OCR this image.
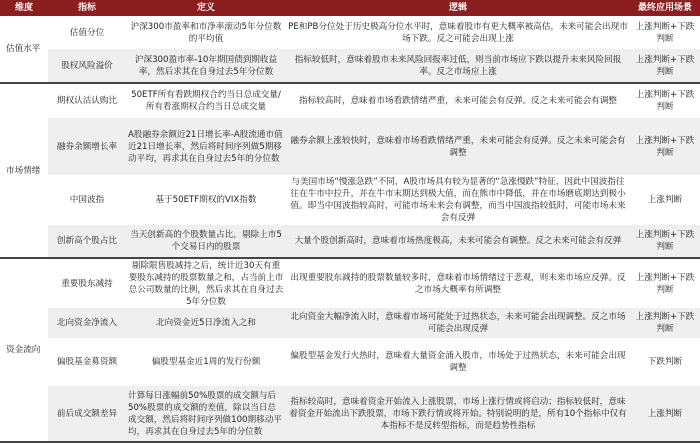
维度	指标	定义	逻辑	最终应用场景
估值水平	估值分位	沪深300市盈率和市净率滚动5年分位数的平均值	PE和PB分位处于历史极高分位水平时，意味着股市有更大概率被高估，未来可能会出现市场下跌。反之可能会出现上涨	上涨判断+下跌判断
	股权风险溢价	沪深300盈市率-10年期国债到期收益率，然后求其在自身过去5年分位数	指标较低时，意味着股市未来风险回报率过低，则当前市场应下跌以提升未来风险回报率。反之市场应上涨	上涨判断+下跌判断
市场情绪	期权认沽认购比	50ETF所有看跌期权合约当日总成交量/所有看涨期权合约当日总成交量	指标较高时，意味着市场看跌情绪严重，未来可能会有反弹。反之未来可能会有调整	上涨判断+下跌判断
	融券余额增长率	A股融券余额近21日增长率-A股流通市值近21日增长率，然后将时间序列做5期移动平均，再求其在自身过去5年的分位数	融券余额上涨较快时，意味着市场看跌情绪严重，未来可能会有反弹。反之未来可能会有调整	上涨判断+下跌判断
	中国波指	基于50ETF期权的VIX指数	与美国市场“慢涨急跌”不同，A股市场具有较为显著的“急涨慢跌”特征，因此中国波指往往在牛市中拉升，并在牛市末期达到极大值，而在熊市中降低，并在市场磨底期达到极小值。即当中国波指较高时，可能市场未来会有调整，而当中国波指较低时，可能市场未来会有反弹	上涨判断
	创新高个股占比	当天创新高的个股数量占比，剔除上市5个交易日内的股票	大量个股创新高时，意味着市场热度极高，未来可能会有调整。反之未来可能会有反弹	上涨判断+下跌判断
资金流向	重要股东减持	剔除限售股减持之后，统计近30天有重要股东减持的股票数量之和，占当前上市总公司数量的比例，然后求其在自身过去5年分位数	出现重要股东减持的股票数量较多时，意味着市场情绪过于悲观，则未来市场应反弹。反之市场大概率有所调整	上涨判断+下跌判断
	北向资金净流入	北向资金近5日净流入之和	北向资金大幅净流入时，意味着市场可能处于过热状态，未来可能会出现调整。反之市场可能会出现反弹	上涨判断+下跌判断
	偏股基金募资额	偏股型基金近1周的发行份额	偏股型基金发行火热时，意味着大量资金涌入股市，市场处于过热状态，未来可能会出现调整	下跌判断
	前后成交额差异	计算每日涨幅前50%股票的成交额与后50%股票的成交额的差值，除以当日总成交额，然后将时间序列做100期移动平均，再求其在自身过去5年的分位数	指标较高时，意味着资金开始流入上涨股票，市场上涨行情或将启动；指标较低时，意味着资金开始流出下跌股票，市场下跌行情或将开始。特别说明的是，所有10个指标中仅有本指标不是反转型指标，而是趋势性指标	上涨判断
